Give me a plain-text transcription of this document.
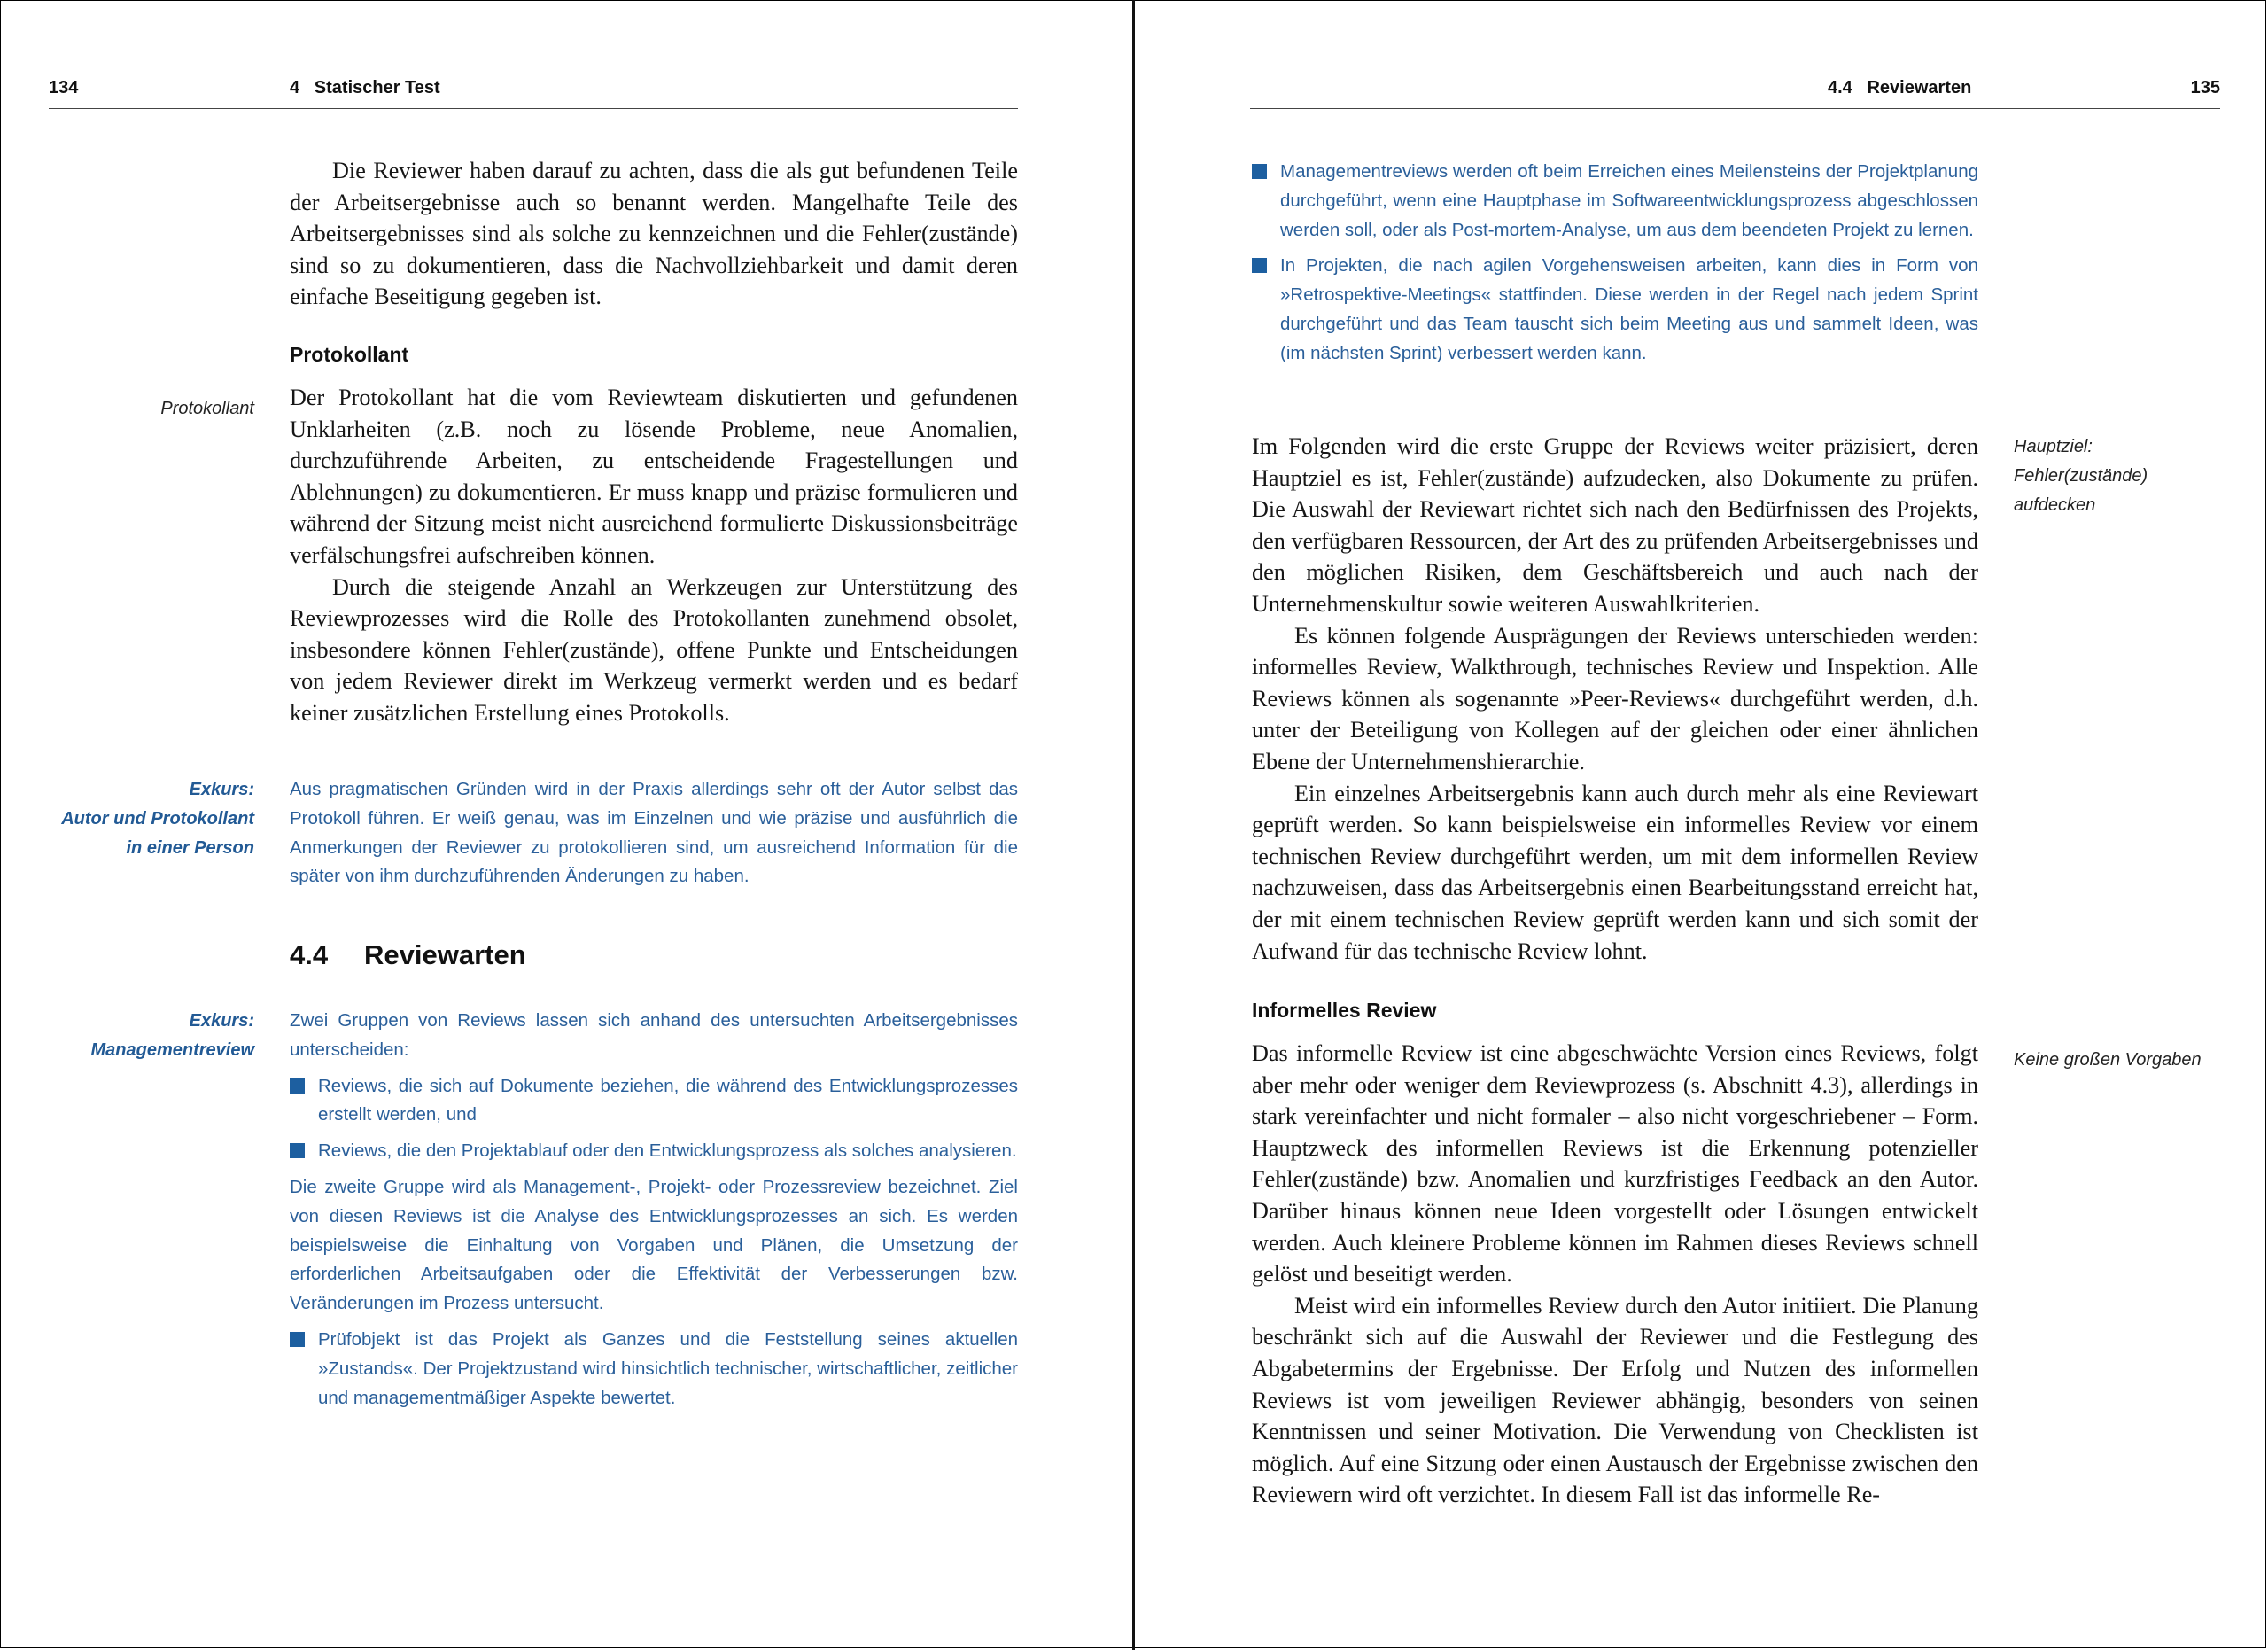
134	4   Statischer Test

Die Reviewer haben darauf zu achten, dass die als gut befundenen Teile der Arbeitsergebnisse auch so benannt werden. Mangelhafte Teile des Arbeitsergebnisses sind als solche zu kennzeichnen und die Fehler(zustände) sind so zu dokumentieren, dass die Nachvollziehbarkeit und damit deren einfache Beseitigung gegeben ist.

Protokollant

Der Protokollant hat die vom Reviewteam diskutierten und gefundenen Unklarheiten (z.B. noch zu lösende Probleme, neue Anomalien, durchzuführende Arbeiten, zu entscheidende Fragestellungen und Ablehnungen) zu dokumentieren. Er muss knapp und präzise formulieren und während der Sitzung meist nicht ausreichend formulierte Diskussionsbeiträge verfälschungsfrei aufschreiben können.

Durch die steigende Anzahl an Werkzeugen zur Unterstützung des Reviewprozesses wird die Rolle des Protokollanten zunehmend obsolet, insbesondere können Fehler(zustände), offene Punkte und Entscheidungen von jedem Reviewer direkt im Werkzeug vermerkt werden und es bedarf keiner zusätzlichen Erstellung eines Protokolls.

Protokollant
Exkurs:
Autor und Protokollant
in einer Person

Aus pragmatischen Gründen wird in der Praxis allerdings sehr oft der Autor selbst das Protokoll führen. Er weiß genau, was im Einzelnen und wie präzise und ausführlich die Anmerkungen der Reviewer zu protokollieren sind, um ausreichend Information für die später von ihm durchzuführenden Änderungen zu haben.

4.4 Reviewarten

Exkurs:
Managementreview

Zwei Gruppen von Reviews lassen sich anhand des untersuchten Arbeitsergebnisses unterscheiden:

Reviews, die sich auf Dokumente beziehen, die während des Entwicklungsprozesses erstellt werden, und

Reviews, die den Projektablauf oder den Entwicklungsprozess als solches analysieren.

Die zweite Gruppe wird als Management-, Projekt- oder Prozessreview bezeichnet. Ziel von diesen Reviews ist die Analyse des Entwicklungsprozesses an sich. Es werden beispielsweise die Einhaltung von Vorgaben und Plänen, die Umsetzung der erforderlichen Arbeitsaufgaben oder die Effektivität der Verbesserungen bzw. Veränderungen im Prozess untersucht.

Prüfobjekt ist das Projekt als Ganzes und die Feststellung seines aktuellen »Zustands«. Der Projektzustand wird hinsichtlich technischer, wirtschaftlicher, zeitlicher und managementmäßiger Aspekte bewertet.

4.4   Reviewarten	135

Managementreviews werden oft beim Erreichen eines Meilensteins der Projektplanung durchgeführt, wenn eine Hauptphase im Softwareentwicklungsprozess abgeschlossen werden soll, oder als Post-mortem-Analyse, um aus dem beendeten Projekt zu lernen.

In Projekten, die nach agilen Vorgehensweisen arbeiten, kann dies in Form von »Retrospektive-Meetings« stattfinden. Diese werden in der Regel nach jedem Sprint durchgeführt und das Team tauscht sich beim Meeting aus und sammelt Ideen, was (im nächsten Sprint) verbessert werden kann.

Im Folgenden wird die erste Gruppe der Reviews weiter präzisiert, deren Hauptziel es ist, Fehler(zustände) aufzudecken, also Dokumente zu prüfen. Die Auswahl der Reviewart richtet sich nach den Bedürfnissen des Projekts, den verfügbaren Ressourcen, der Art des zu prüfenden Arbeitsergebnisses und den möglichen Risiken, dem Geschäftsbereich und auch nach der Unternehmenskultur sowie weiteren Auswahlkriterien.

Es können folgende Ausprägungen der Reviews unterschieden werden: informelles Review, Walkthrough, technisches Review und Inspektion. Alle Reviews können als sogenannte »Peer-Reviews« durchgeführt werden, d.h. unter der Beteiligung von Kollegen auf der gleichen oder einer ähnlichen Ebene der Unternehmenshierarchie.

Ein einzelnes Arbeitsergebnis kann auch durch mehr als eine Reviewart geprüft werden. So kann beispielsweise ein informelles Review vor einem technischen Review durchgeführt werden, um mit dem informellen Review nachzuweisen, dass das Arbeitsergebnis einen Bearbeitungsstand erreicht hat, der mit einem technischen Review geprüft werden kann und sich somit der Aufwand für das technische Review lohnt.

Informelles Review

Das informelle Review ist eine abgeschwächte Version eines Reviews, folgt aber mehr oder weniger dem Reviewprozess (s. Abschnitt 4.3), allerdings in stark vereinfachter und nicht formaler – also nicht vorgeschriebener – Form. Hauptzweck des informellen Reviews ist die Erkennung potenzieller Fehler(zustände) bzw. Anomalien und kurzfristiges Feedback an den Autor. Darüber hinaus können neue Ideen vorgestellt oder Lösungen entwickelt werden. Auch kleinere Probleme können im Rahmen dieses Reviews schnell gelöst und beseitigt werden.

Meist wird ein informelles Review durch den Autor initiiert. Die Planung beschränkt sich auf die Auswahl der Reviewer und die Festlegung des Abgabetermins der Ergebnisse. Der Erfolg und Nutzen des informellen Reviews ist vom jeweiligen Reviewer abhängig, besonders von seinen Kenntnissen und seiner Motivation. Die Verwendung von Checklisten ist möglich. Auf eine Sitzung oder einen Austausch der Ergebnisse zwischen den Reviewern wird oft verzichtet. In diesem Fall ist das informelle Re-

Hauptziel:
Fehler(zustände)
aufdecken
Keine großen Vorgaben
